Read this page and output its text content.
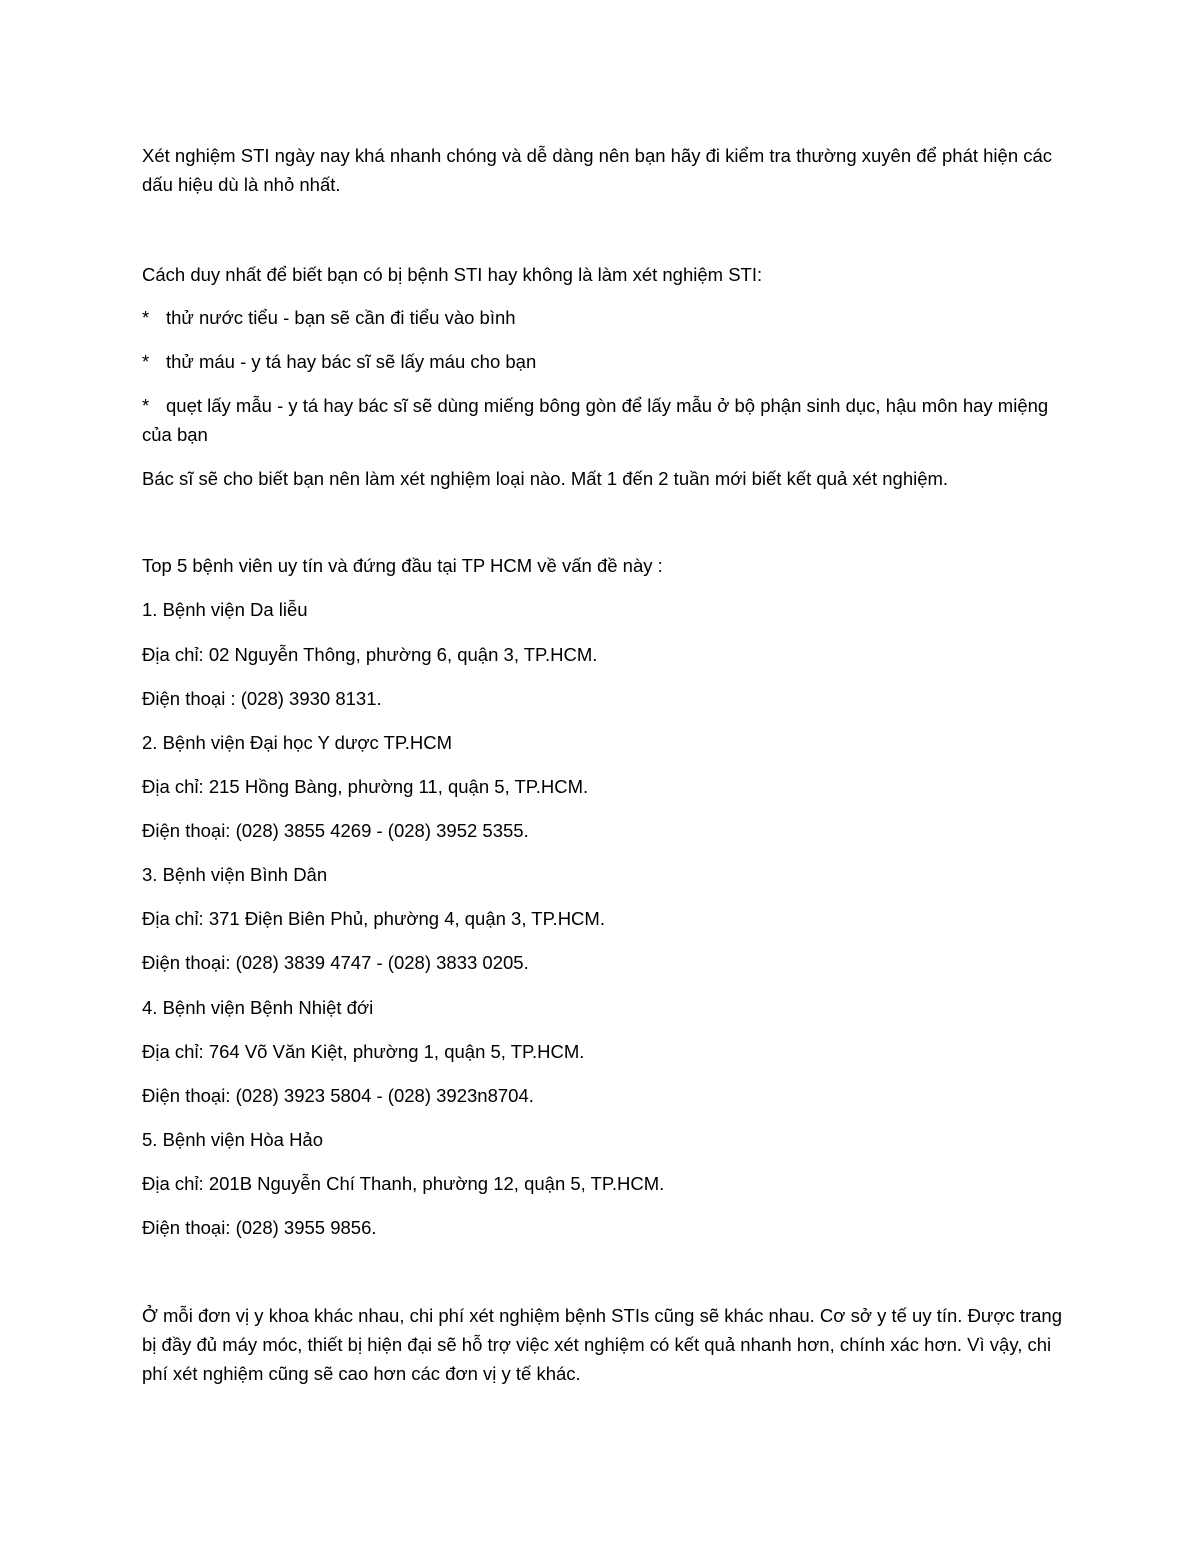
Xét nghiệm STI ngày nay khá nhanh chóng và dễ dàng nên bạn hãy đi kiểm tra thường xuyên để phát hiện các dấu hiệu dù là nhỏ nhất.
Cách duy nhất để biết bạn có bị bệnh STI hay không là làm xét nghiệm STI:
* thử nước tiểu - bạn sẽ cần đi tiểu vào bình
* thử máu - y tá hay bác sĩ sẽ lấy máu cho bạn
* quẹt lấy mẫu - y tá hay bác sĩ sẽ dùng miếng bông gòn để lấy mẫu ở bộ phận sinh dục, hậu môn hay miệng của bạn
Bác sĩ sẽ cho biết bạn nên làm xét nghiệm loại nào. Mất 1 đến 2 tuần mới biết kết quả xét nghiệm.
Top 5 bệnh viên uy tín và đứng đầu tại TP HCM về vấn đề này :
1. Bệnh viện Da liễu
Địa chỉ: 02 Nguyễn Thông, phường 6, quận 3, TP.HCM.
Điện thoại : (028) 3930 8131.
2. Bệnh viện Đại học Y dược TP.HCM
Địa chỉ: 215 Hồng Bàng, phường 11, quận 5, TP.HCM.
Điện thoại: (028) 3855 4269 - (028) 3952 5355.
3. Bệnh viện Bình Dân
Địa chỉ: 371 Điện Biên Phủ, phường 4, quận 3, TP.HCM.
Điện thoại: (028) 3839 4747 - (028) 3833 0205.
4. Bệnh viện Bệnh Nhiệt đới
Địa chỉ: 764 Võ Văn Kiệt, phường 1, quận 5, TP.HCM.
Điện thoại: (028) 3923 5804 - (028) 3923n8704.
5. Bệnh viện Hòa Hảo
Địa chỉ: 201B Nguyễn Chí Thanh, phường 12, quận 5, TP.HCM.
Điện thoại: (028) 3955 9856.
Ở mỗi đơn vị y khoa khác nhau, chi phí xét nghiệm bệnh STIs cũng sẽ khác nhau. Cơ sở y tế uy tín. Được trang bị đầy đủ máy móc, thiết bị hiện đại sẽ hỗ trợ việc xét nghiệm có kết quả nhanh hơn, chính xác hơn. Vì vậy, chi phí xét nghiệm cũng sẽ cao hơn các đơn vị y tế khác.
